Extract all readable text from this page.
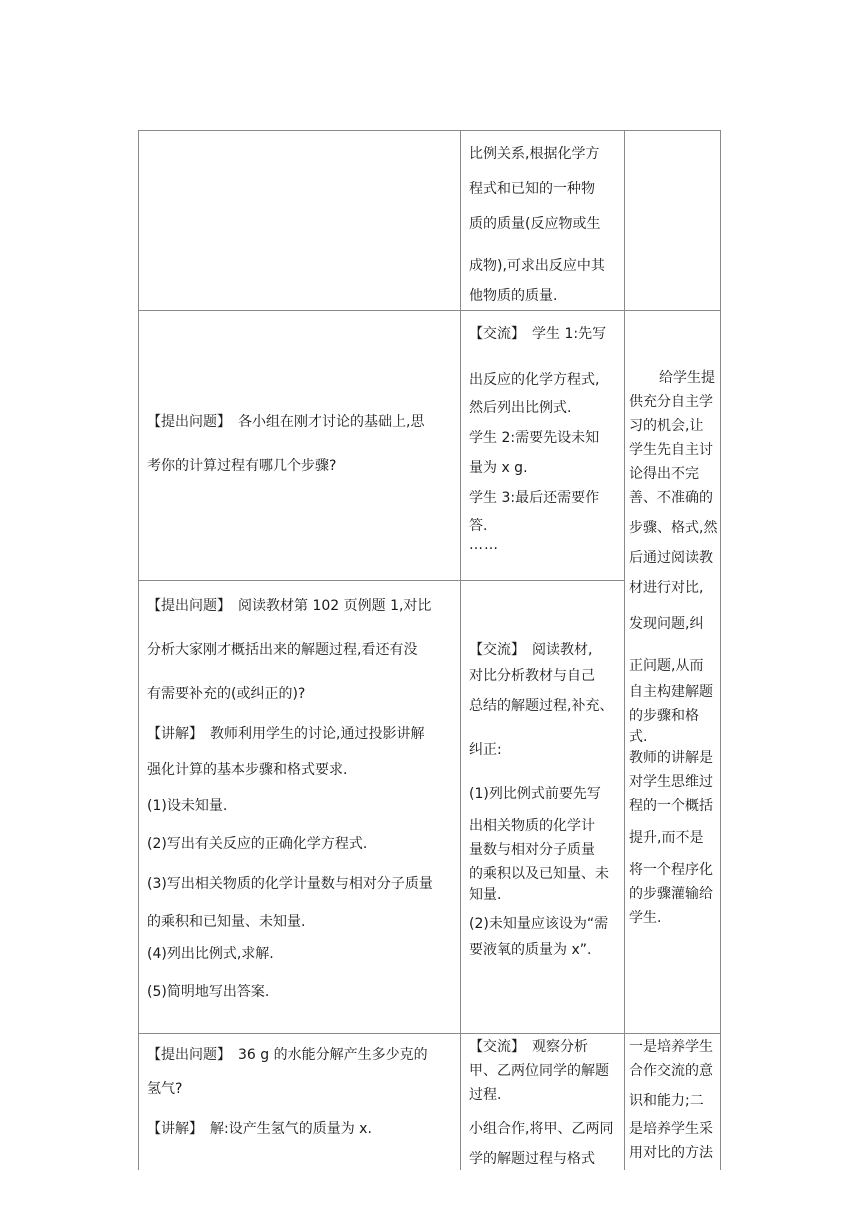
比例关系,根据化学方

程式和已知的一种物

质的质量(反应物或生

成物),可求出反应中其

他物质的质量.

【提出问题】　各小组在刚才讨论的基础上,思

考你的计算过程有哪几个步骤?

【交流】　学生 1:先写

出反应的化学方程式,

然后列出比例式.

学生 2:需要先设未知

量为 x g.

学生 3:最后还需要作

答.

……

给学生提

供充分自主学

习的机会,让

学生先自主讨

论得出不完

善、不准确的

步骤、格式,然

后通过阅读教

材进行对比,

发现问题,纠

正问题,从而

自主构建解题

的步骤和格

式.

教师的讲解是

对学生思维过

程的一个概括

提升,而不是

将一个程序化

的步骤灌输给

学生.

【提出问题】　阅读教材第 102 页例题 1,对比

分析大家刚才概括出来的解题过程,看还有没

有需要补充的(或纠正的)?

【讲解】　教师利用学生的讨论,通过投影讲解

强化计算的基本步骤和格式要求.

(1)设未知量.

(2)写出有关反应的正确化学方程式.

(3)写出相关物质的化学计量数与相对分子质量

的乘积和已知量、未知量.

(4)列出比例式,求解.

(5)简明地写出答案.

【交流】　阅读教材,

对比分析教材与自己

总结的解题过程,补充、

纠正:

(1)列比例式前要先写

出相关物质的化学计

量数与相对分子质量

的乘积以及已知量、未

知量.

(2)未知量应该设为“需

要液氧的质量为 x”.

【提出问题】　36 g 的水能分解产生多少克的

氢气?

【讲解】　解:设产生氢气的质量为 x.

【交流】　观察分析

甲、乙两位同学的解题

过程.

小组合作,将甲、乙两同

学的解题过程与格式

一是培养学生

合作交流的意

识和能力;二

是培养学生采

用对比的方法
